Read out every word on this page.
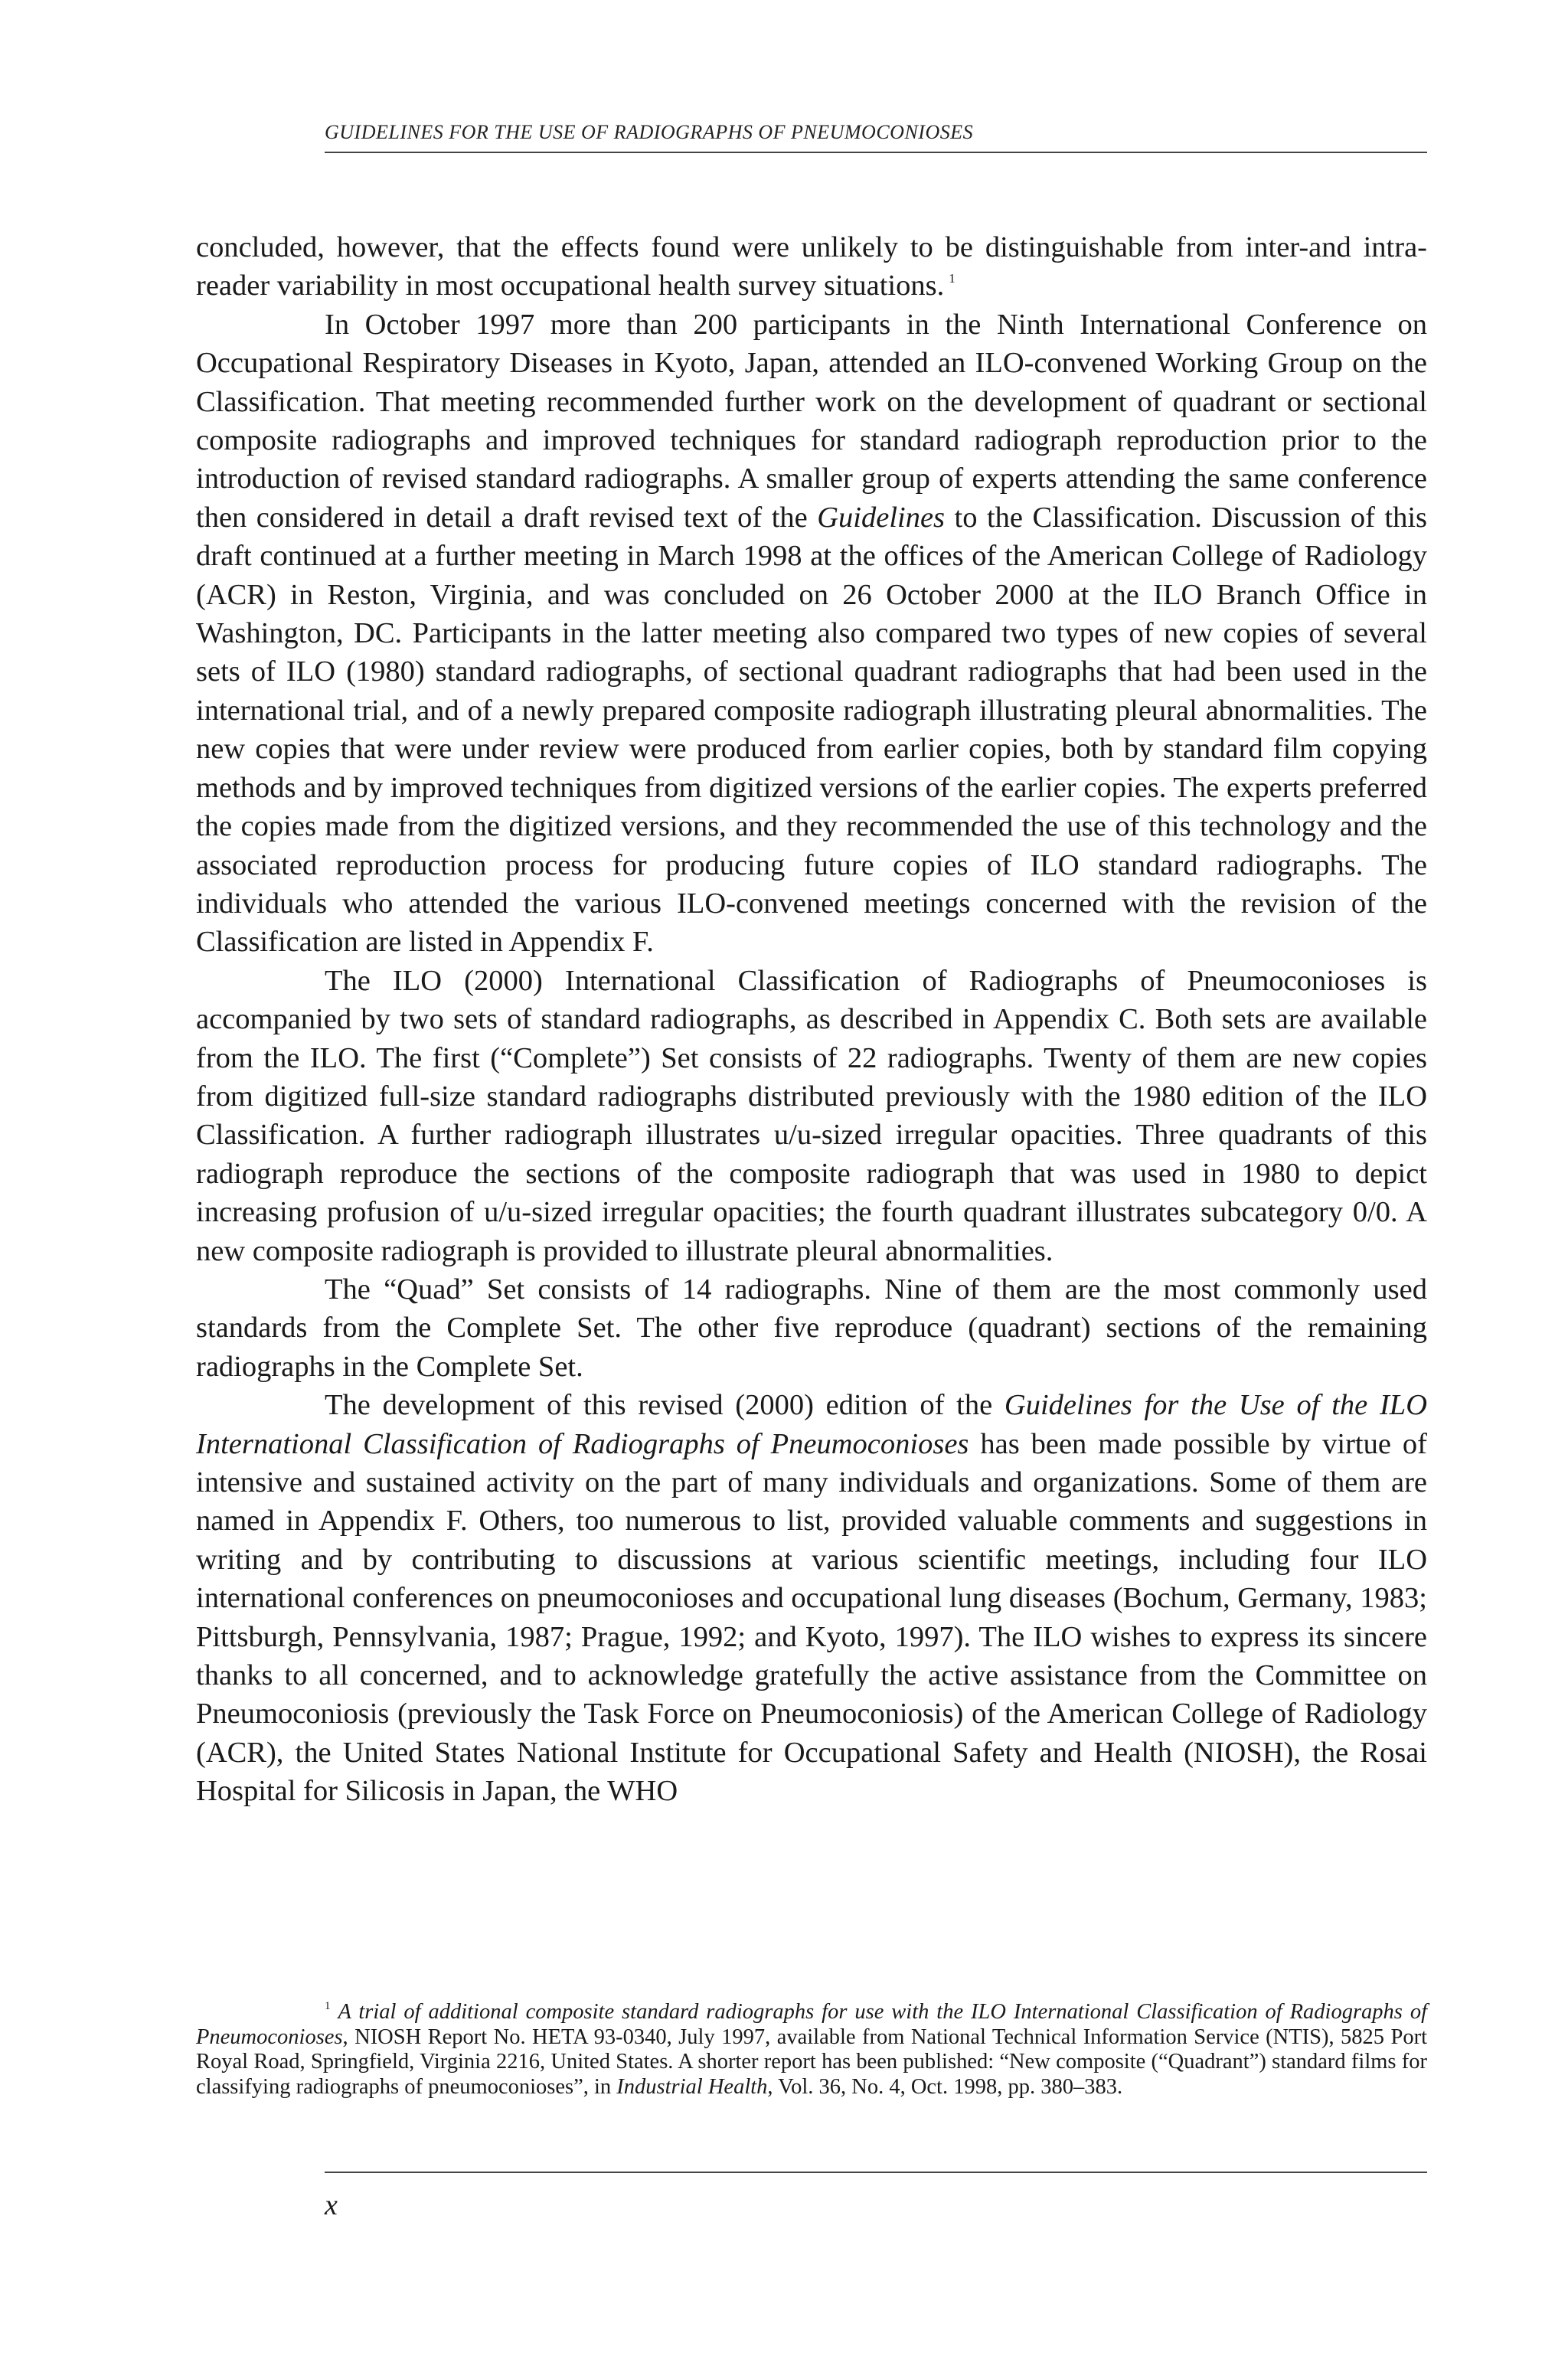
GUIDELINES FOR THE USE OF RADIOGRAPHS OF PNEUMOCONIOSES

concluded, however, that the effects found were unlikely to be distinguishable from inter-and intra-reader variability in most occupational health survey situations. $^1$

In October 1997 more than 200 participants in the Ninth International Conference on Occupational Respiratory Diseases in Kyoto, Japan, attended an ILO-convened Working Group on the Classification. That meeting recommended further work on the development of quadrant or sectional composite radiographs and improved techniques for standard radiograph reproduction prior to the introduction of revised standard radiographs. A smaller group of experts attending the same conference then considered in detail a draft revised text of the Guidelines to the Classification. Discussion of this draft continued at a further meeting in March 1998 at the offices of the American College of Radiology (ACR) in Reston, Virginia, and was concluded on 26 October 2000 at the ILO Branch Office in Washington, DC. Participants in the latter meeting also compared two types of new copies of several sets of ILO (1980) standard radiographs, of sectional quadrant radiographs that had been used in the international trial, and of a newly prepared composite radiograph illustrating pleural abnormalities. The new copies that were under review were produced from earlier copies, both by standard film copying methods and by improved techniques from digitized versions of the earlier copies. The experts preferred the copies made from the digitized versions, and they recommended the use of this technology and the associated reproduction process for producing future copies of ILO standard radiographs. The individuals who attended the various ILO-convened meetings concerned with the revision of the Classification are listed in Appendix F.

The ILO (2000) International Classification of Radiographs of Pneumoconioses is accompanied by two sets of standard radiographs, as described in Appendix C. Both sets are available from the ILO. The first (“Complete”) Set consists of 22 radiographs. Twenty of them are new copies from digitized full-size standard radiographs distributed previously with the 1980 edition of the ILO Classification. A further radiograph illustrates u/u-sized irregular opacities. Three quadrants of this radiograph reproduce the sections of the composite radiograph that was used in 1980 to depict increasing profusion of u/u-sized irregular opacities; the fourth quadrant illustrates subcategory 0/0. A new composite radiograph is provided to illustrate pleural abnormalities.

The “Quad” Set consists of 14 radiographs. Nine of them are the most commonly used standards from the Complete Set. The other five reproduce (quadrant) sections of the remaining radiographs in the Complete Set.

The development of this revised (2000) edition of the Guidelines for the Use of the ILO International Classification of Radiographs of Pneumoconioses has been made possible by virtue of intensive and sustained activity on the part of many individuals and organizations. Some of them are named in Appendix F. Others, too numerous to list, provided valuable comments and suggestions in writing and by contributing to discussions at various scientific meetings, including four ILO international conferences on pneumoconioses and occupational lung diseases (Bochum, Germany, 1983; Pittsburgh, Pennsylvania, 1987; Prague, 1992; and Kyoto, 1997). The ILO wishes to express its sincere thanks to all concerned, and to acknowledge gratefully the active assistance from the Committee on Pneumoconiosis (previously the Task Force on Pneumoconiosis) of the American College of Radiology (ACR), the United States National Institute for Occupational Safety and Health (NIOSH), the Rosai Hospital for Silicosis in Japan, the WHO

$^1$ A trial of additional composite standard radiographs for use with the ILO International Classification of Radiographs of Pneumoconioses, NIOSH Report No. HETA 93-0340, July 1997, available from National Technical Information Service (NTIS), 5825 Port Royal Road, Springfield, Virginia 2216, United States. A shorter report has been published: “New composite (“Quadrant”) standard films for classifying radiographs of pneumoconioses”, in Industrial Health, Vol. 36, No. 4, Oct. 1998, pp. 380–383.

x
